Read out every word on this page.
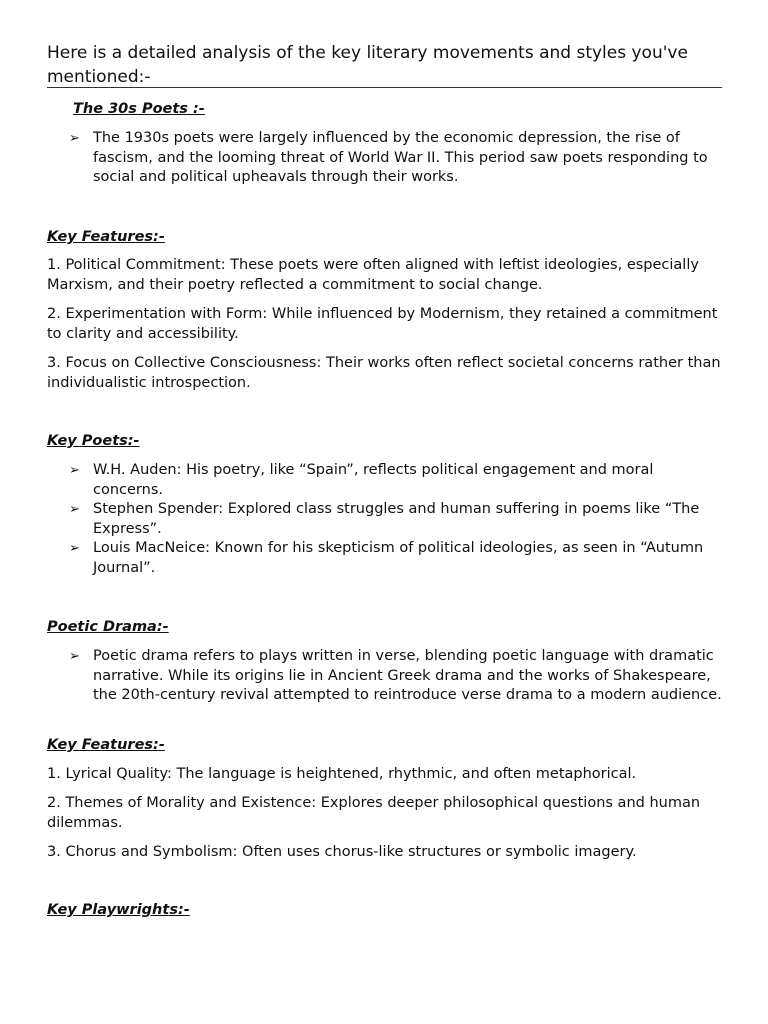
Here is a detailed analysis of the key literary movements and styles you've mentioned:-
The 30s Poets :-
➢ The 1930s poets were largely influenced by the economic depression, the rise of fascism, and the looming threat of World War II. This period saw poets responding to social and political upheavals through their works.
Key Features:-
1. Political Commitment: These poets were often aligned with leftist ideologies, especially Marxism, and their poetry reflected a commitment to social change.
2. Experimentation with Form: While influenced by Modernism, they retained a commitment to clarity and accessibility.
3. Focus on Collective Consciousness: Their works often reflect societal concerns rather than individualistic introspection.
Key Poets:-
➢ W.H. Auden: His poetry, like “Spain”, reflects political engagement and moral concerns.
➢ Stephen Spender: Explored class struggles and human suffering in poems like “The Express”.
➢ Louis MacNeice: Known for his skepticism of political ideologies, as seen in “Autumn Journal”.
Poetic Drama:-
➢ Poetic drama refers to plays written in verse, blending poetic language with dramatic narrative. While its origins lie in Ancient Greek drama and the works of Shakespeare, the 20th-century revival attempted to reintroduce verse drama to a modern audience.
Key Features:-
1. Lyrical Quality: The language is heightened, rhythmic, and often metaphorical.
2. Themes of Morality and Existence: Explores deeper philosophical questions and human dilemmas.
3. Chorus and Symbolism: Often uses chorus-like structures or symbolic imagery.
Key Playwrights:-
